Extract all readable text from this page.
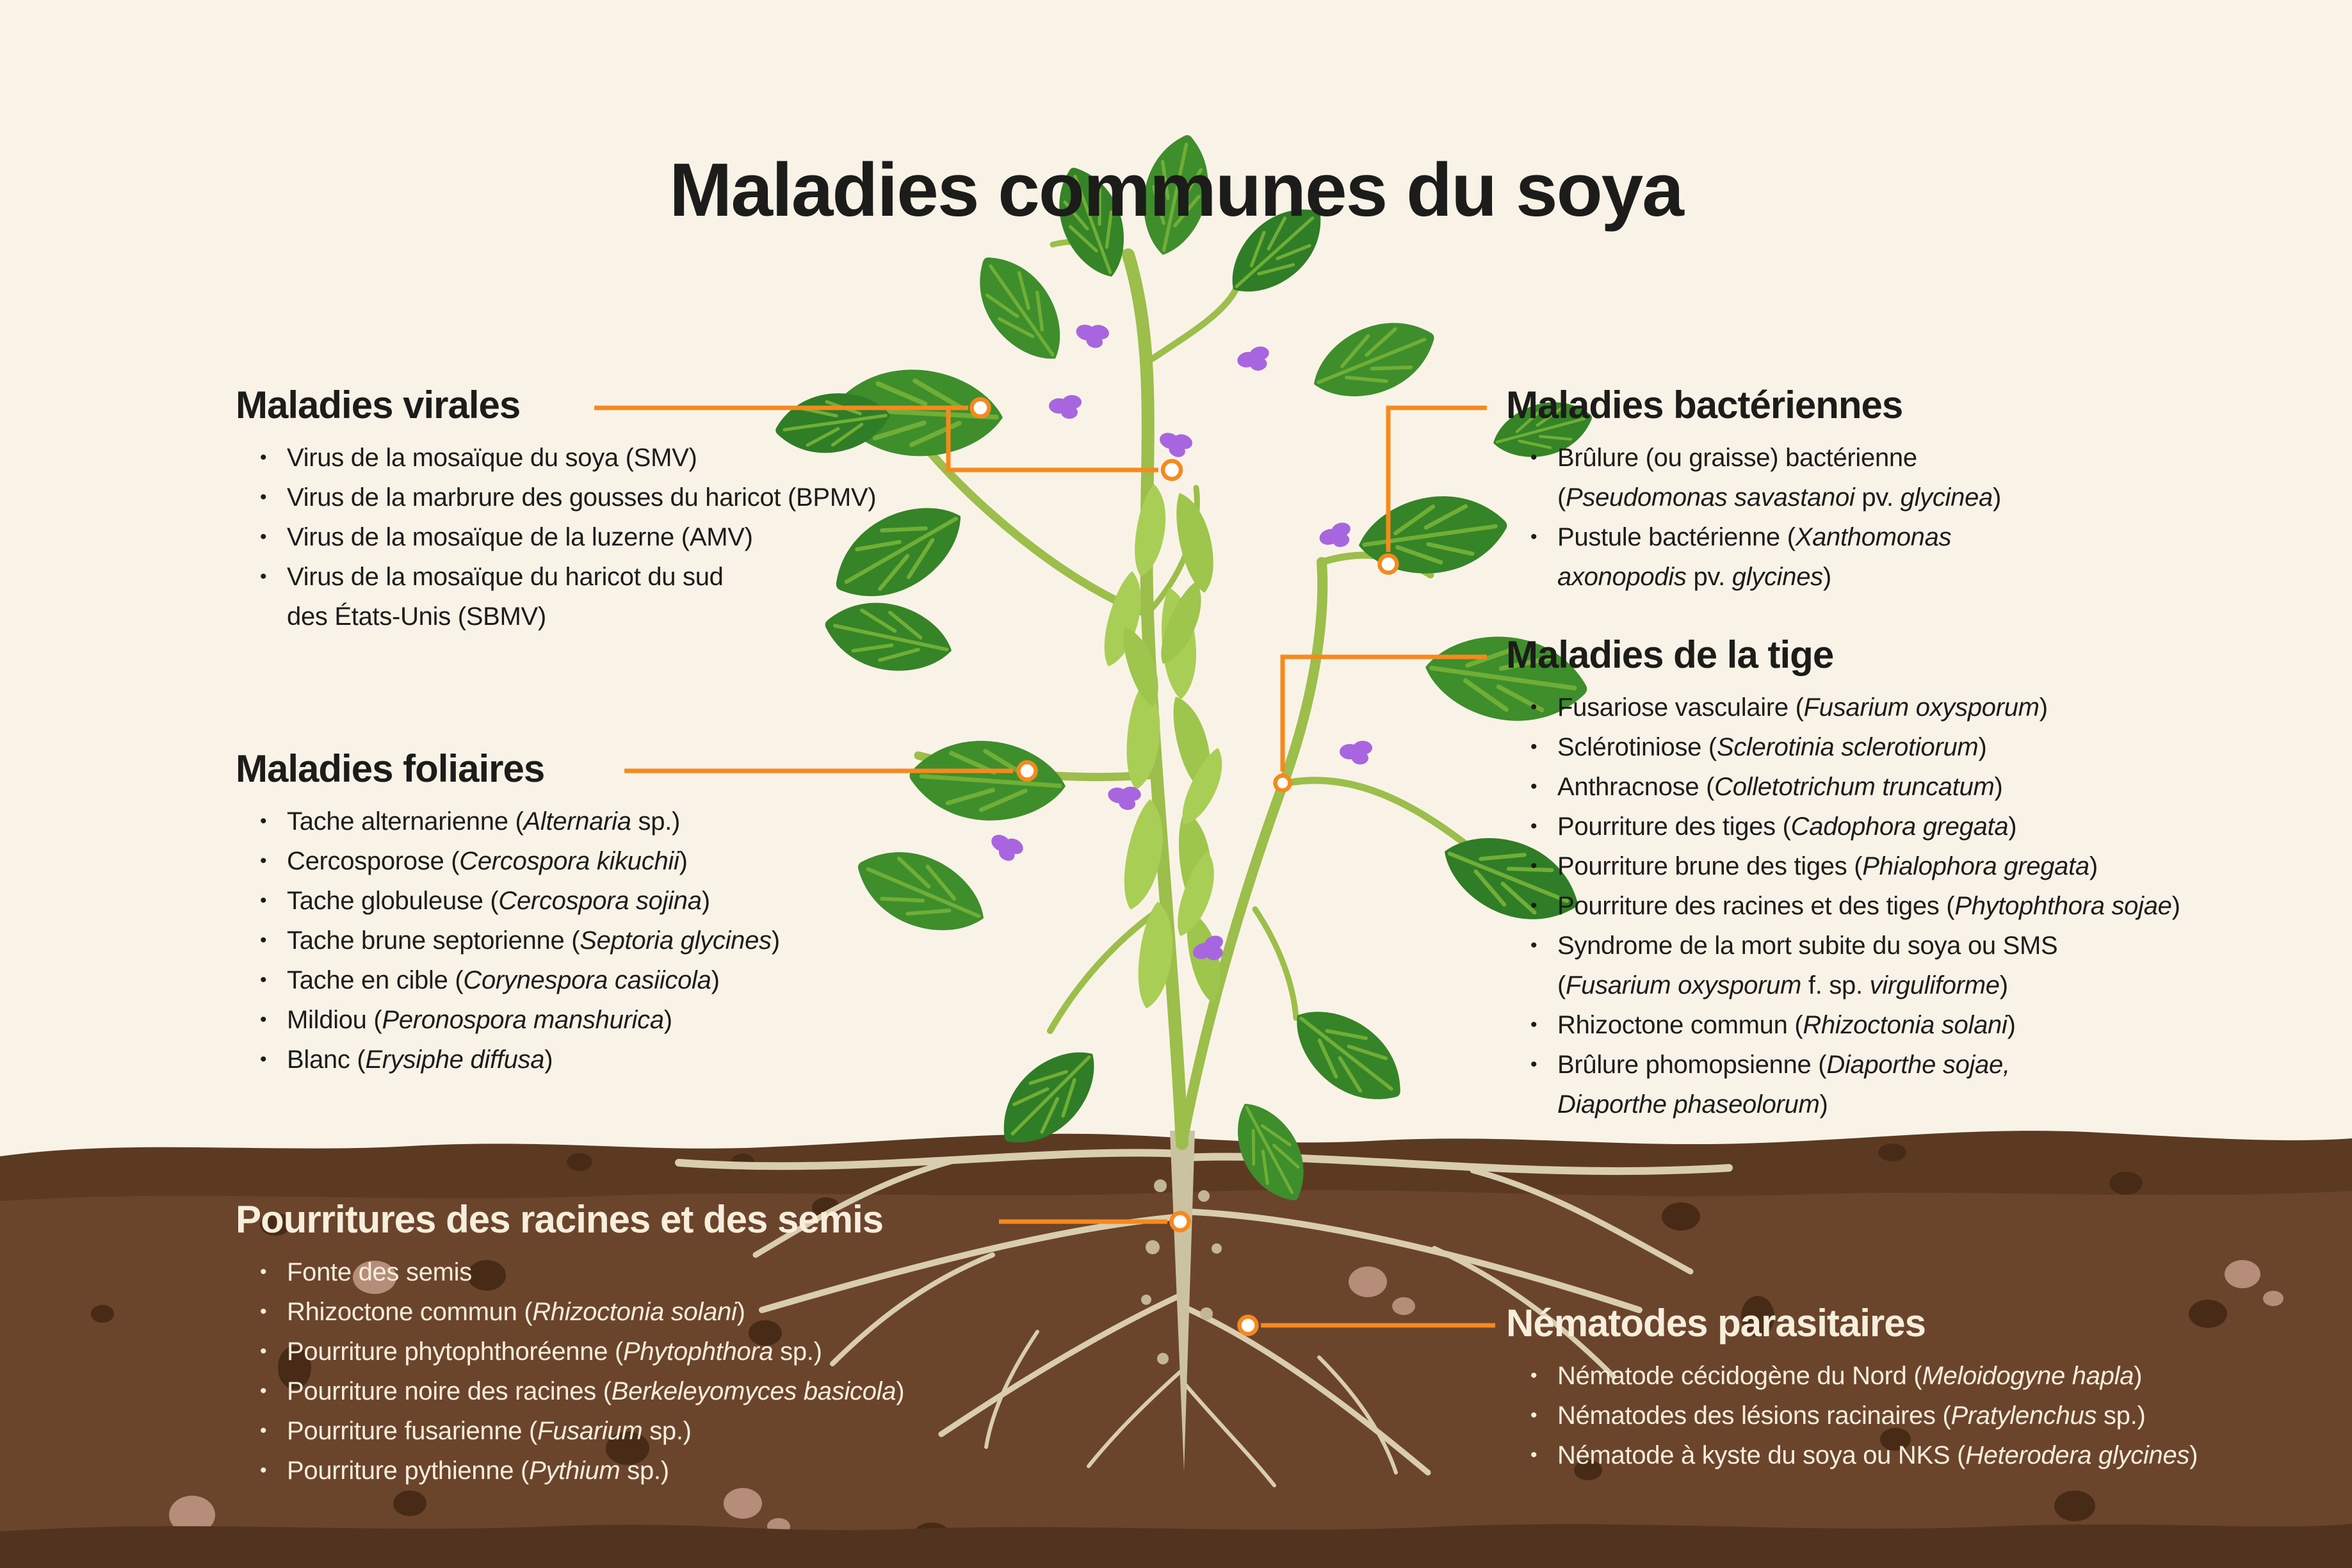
Maladies communes du soya
Maladies virales
• Virus de la mosaïque du soya (SMV)
• Virus de la marbrure des gousses du haricot (BPMV)
• Virus de la mosaïque de la luzerne (AMV)
• Virus de la mosaïque du haricot du sud
des États-Unis (SBMV)
Maladies foliaires
• Tache alternarienne (Alternaria sp.)
• Cercosporose (Cercospora kikuchii)
• Tache globuleuse (Cercospora sojina)
• Tache brune septorienne (Septoria glycines)
• Tache en cible (Corynespora casiicola)
• Mildiou (Peronospora manshurica)
• Blanc (Erysiphe diffusa)
Maladies bactériennes
• Brûlure (ou graisse) bactérienne
(Pseudomonas savastanoi pv. glycinea)
• Pustule bactérienne (Xanthomonas
axonopodis pv. glycines)
Maladies de la tige
• Fusariose vasculaire (Fusarium oxysporum)
• Sclérotiniose (Sclerotinia sclerotiorum)
• Anthracnose (Colletotrichum truncatum)
• Pourriture des tiges (Cadophora gregata)
• Pourriture brune des tiges (Phialophora gregata)
• Pourriture des racines et des tiges (Phytophthora sojae)
• Syndrome de la mort subite du soya ou SMS
(Fusarium oxysporum f. sp. virguliforme)
• Rhizoctone commun (Rhizoctonia solani)
• Brûlure phomopsienne (Diaporthe sojae,
Diaporthe phaseolorum)
Pourritures des racines et des semis
• Fonte des semis
• Rhizoctone commun (Rhizoctonia solani)
• Pourriture phytophthoréenne (Phytophthora sp.)
• Pourriture noire des racines (Berkeleyomyces basicola)
• Pourriture fusarienne (Fusarium sp.)
• Pourriture pythienne (Pythium sp.)
Nématodes parasitaires
• Nématode cécidogène du Nord (Meloidogyne hapla)
• Nématodes des lésions racinaires (Pratylenchus sp.)
• Nématode à kyste du soya ou NKS (Heterodera glycines)
